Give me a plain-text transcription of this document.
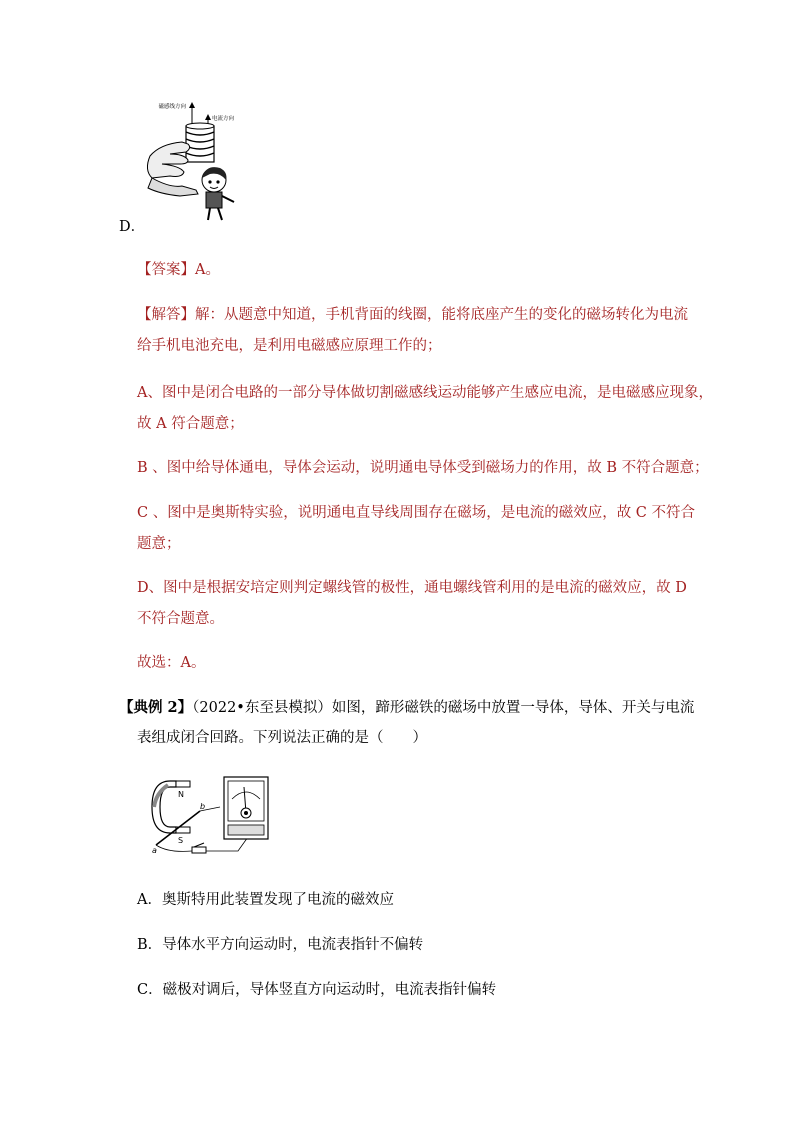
磁感线方向
电流方向
D．
【答案】A。
【解答】解：从题意中知道，手机背面的线圈，能将底座产生的变化的磁场转化为电流
给手机电池充电，是利用电磁感应原理工作的；
A、图中是闭合电路的一部分导体做切割磁感线运动能够产生感应电流，是电磁感应现象，
故 A 符合题意；
B 、图中给导体通电，导体会运动，说明通电导体受到磁场力的作用，故 B 不符合题意；
C 、图中是奥斯特实验，说明通电直导线周围存在磁场，是电流的磁效应，故 C 不符合
题意；
D、图中是根据安培定则判定螺线管的极性，通电螺线管利用的是电流的磁效应，故 D
不符合题意。
故选：A。
【典例 2】（2022•东至县模拟）如图，蹄形磁铁的磁场中放置一导体，导体、开关与电流
表组成闭合回路。下列说法正确的是（　　）
N
S
a
b
A．奥斯特用此装置发现了电流的磁效应
B．导体水平方向运动时，电流表指针不偏转
C．磁极对调后，导体竖直方向运动时，电流表指针偏转
